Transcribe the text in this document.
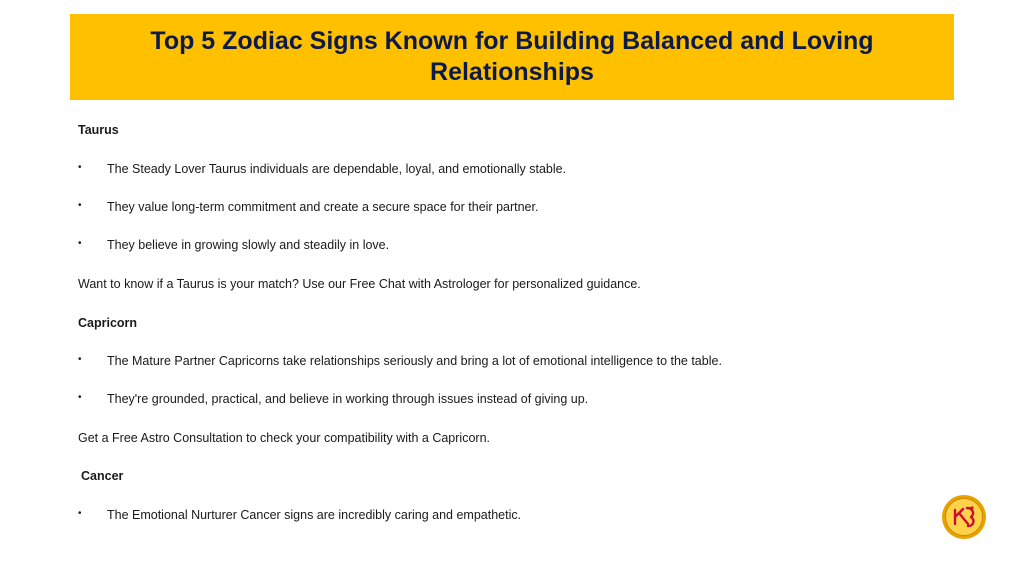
Top 5 Zodiac Signs Known for Building Balanced and Loving Relationships
Taurus
• The Steady Lover Taurus individuals are dependable, loyal, and emotionally stable.
• They value long-term commitment and create a secure space for their partner.
• They believe in growing slowly and steadily in love.
Want to know if a Taurus is your match? Use our Free Chat with Astrologer for personalized guidance.
Capricorn
• The Mature Partner Capricorns take relationships seriously and bring a lot of emotional intelligence to the table.
• They're grounded, practical, and believe in working through issues instead of giving up.
Get a Free Astro Consultation to check your compatibility with a Capricorn.
Cancer
• The Emotional Nurturer Cancer signs are incredibly caring and empathetic.
